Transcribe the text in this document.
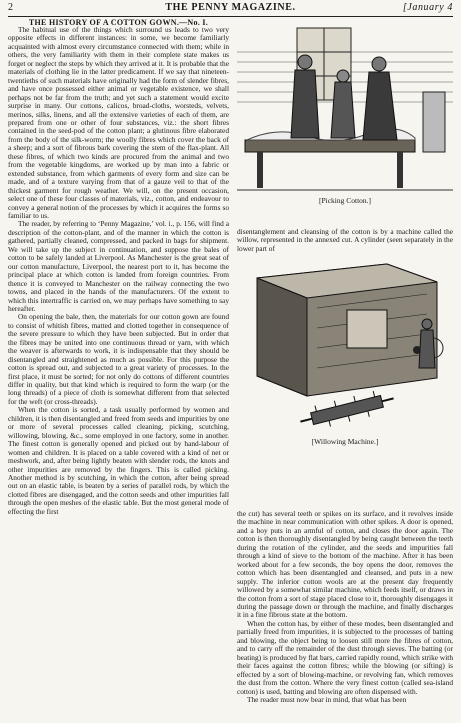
2	THE PENNY MAGAZINE.	[January 4
THE HISTORY OF A COTTON GOWN.—No. I.

The habitual use of the things which surround us leads to two very opposite effects in different instances: in some, we become familiarly acquainted with almost every circumstance connected with them; while in others, the very familiarity with them in their complete state makes us forget or neglect the steps by which they arrived at it. It is probable that the materials of clothing lie in the latter predicament. If we say that nineteen-twentieths of such materials have originally had the form of slender fibres, and have once possessed either animal or vegetable existence, we shall perhaps not be far from the truth; and yet such a statement would excite surprise in many. Our cottons, calicos, broad-cloths, worsteds, velvets, merinos, silks, linens, and all the extensive varieties of each of them, are prepared from one or other of four substances, viz.: the short fibres contained in the seed-pod of the cotton plant; a glutinous fibre elaborated from the body of the silk-worm; the woolly fibres which cover the back of a sheep; and a sort of fibrous bark covering the stem of the flax-plant. All these fibres, of which two kinds are procured from the animal and two from the vegetable kingdoms, are worked up by man into a fabric or extended substance, from which garments of every form and size can be made, and of a texture varying from that of a gauze veil to that of the thickest garment for rough weather. We will, on the present occasion, select one of these four classes of materials, viz., cotton, and endeavour to convey a general notion of the processes by which it acquires the forms so familiar to us.

The reader, by referring to ‘Penny Magazine,’ vol. i., p. 156, will find a description of the cotton-plant, and of the manner in which the cotton is gathered, partially cleaned, compressed, and packed in bags for shipment. We will take up the subject in continuation, and suppose the bales of cotton to be safely landed at Liverpool. As Manchester is the great seat of our cotton manufacture, Liverpool, the nearest port to it, has become the principal place at which cotton is landed from foreign countries. From thence it is conveyed to Manchester on the railway connecting the two towns, and placed in the hands of the manufacturers. Of the extent to which this intertraffic is carried on, we may perhaps have something to say hereafter.

On opening the bale, then, the materials for our cotton gown are found to consist of whitish fibres, matted and clotted together in consequence of the severe pressure to which they have been subjected. But in order that the fibres may be united into one continuous thread or yarn, with which the weaver is afterwards to work, it is indispensable that they should be disentangled and straightened as much as possible. For this purpose the cotton is spread out, and subjected to a great variety of processes. In the first place, it must be sorted; for not only do cottons of different countries differ in quality, but that kind which is required to form the warp (or the long threads) of a piece of cloth is somewhat different from that selected for the weft (or cross-threads).

When the cotton is sorted, a task usually performed by women and children, it is then disentangled and freed from seeds and impurities by one or more of several processes called cleaning, picking, scutching, willowing, blowing, &c., some employed in one factory, some in another. The finest cotton is generally opened and picked out by hand-labour of women and children. It is placed on a table covered with a kind of net or meshwork, and, after being lightly beaten with slender rods, the knots and other impurities are removed by the fingers. This is called picking. Another method is by scutching, in which the cotton, after being spread out on an elastic table, is beaten by a series of parallel rods, by which the clotted fibres are disengaged, and the cotton seeds and other impurities fall through the open meshes of the elastic table. But the most general mode of effecting the first

[Picking Cotton.]

disentanglement and cleansing of the cotton is by a machine called the willow, represented in the annexed cut. A cylinder (seen separately in the lower part of

[Willowing Machine.]

the cut) has several teeth or spikes on its surface, and it revolves inside the machine in near communication with other spikes. A door is opened, and a boy puts in an armful of cotton, and closes the door again. The cotton is then thoroughly disentangled by being caught between the teeth during the rotation of the cylinder, and the seeds and impurities fall through a kind of sieve to the bottom of the machine. After it has been worked about for a few seconds, the boy opens the door, removes the cotton which has been disentangled and cleansed, and puts in a new supply. The inferior cotton wools are at the present day frequently willowed by a somewhat similar machine, which feeds itself, or draws in the cotton from a sort of stage placed close to it, thoroughly disengages it during the passage down or through the machine, and finally discharges it in a fine fibrous state at the bottom.

When the cotton has, by either of these modes, been disentangled and partially freed from impurities, it is subjected to the processes of batting and blowing, the object being to loosen still more the fibres of cotton, and to carry off the remainder of the dust through sieves. The batting (or beating) is produced by flat bars, carried rapidly round, which strike with their faces against the cotton fibres; while the blowing (or sifting) is effected by a sort of blowing-machine, or revolving fan, which removes the dust from the cotton. Where the very finest cotton (called sea-island cotton) is used, batting and blowing are often dispensed with.

The reader must now bear in mind, that what has been
